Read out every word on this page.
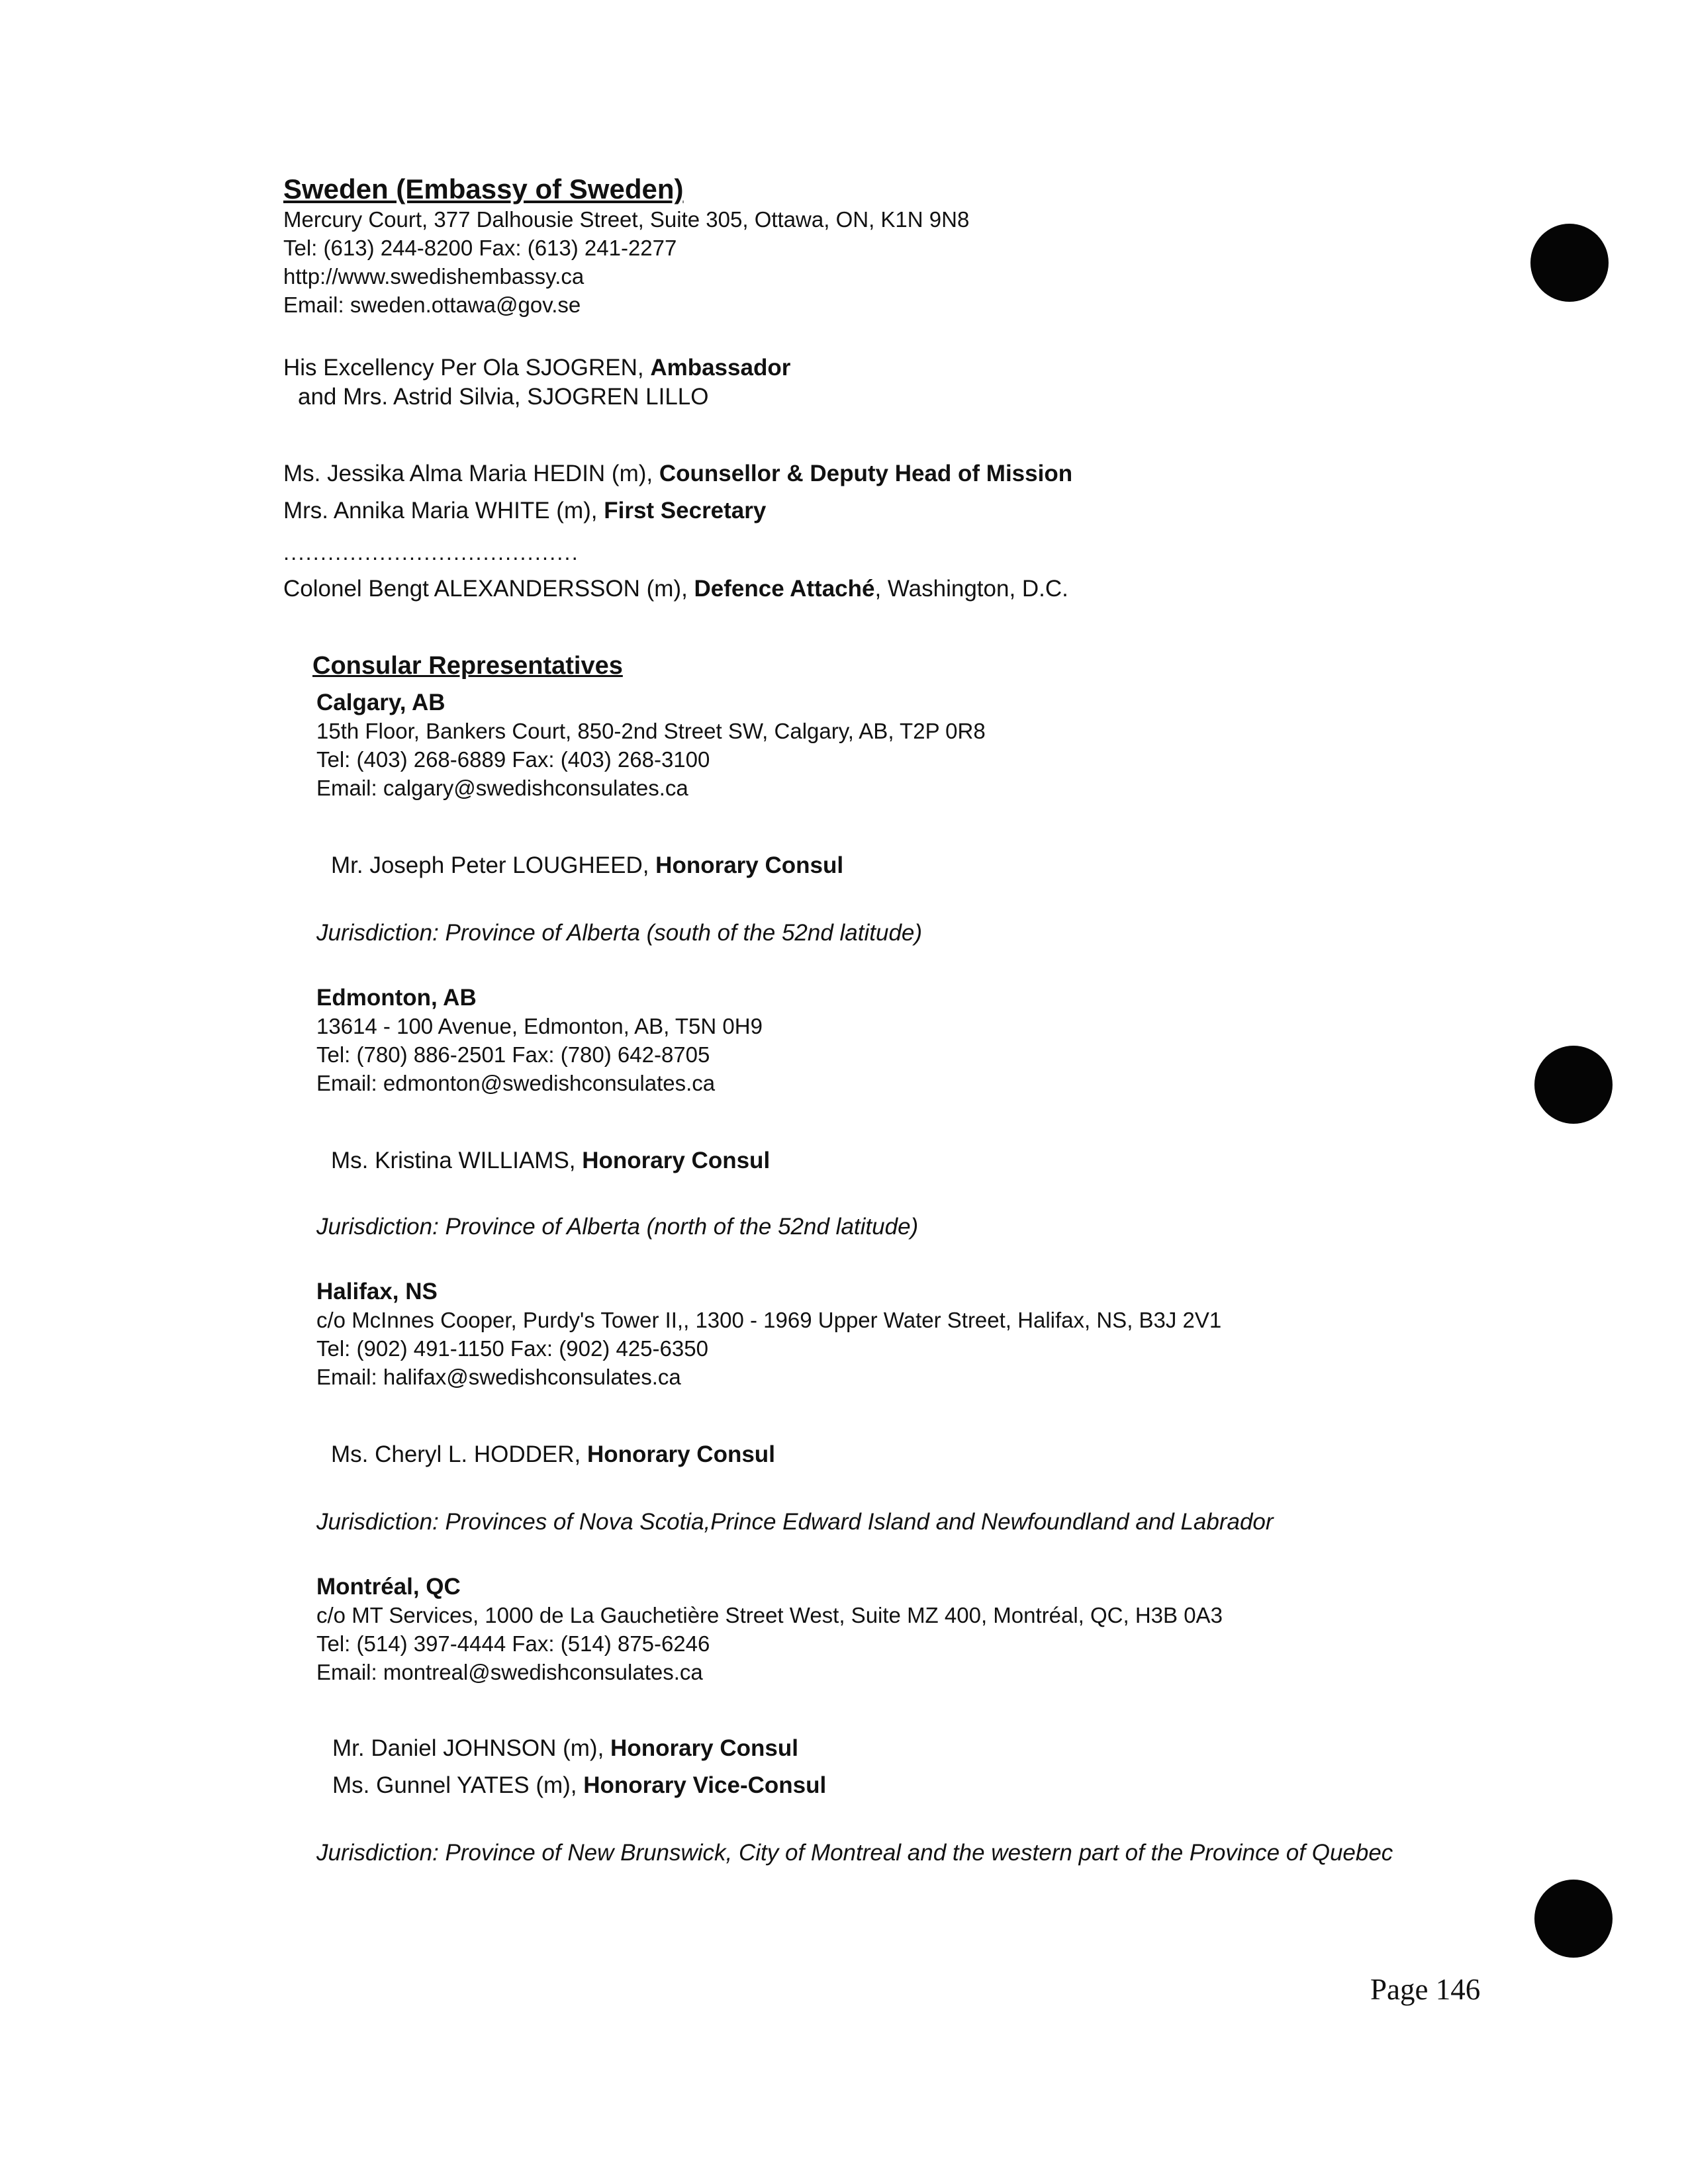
Sweden (Embassy of Sweden)
Mercury Court, 377 Dalhousie Street, Suite 305, Ottawa, ON, K1N 9N8
Tel: (613) 244-8200 Fax: (613) 241-2277
http://www.swedishembassy.ca
Email: sweden.ottawa@gov.se
His Excellency Per Ola SJOGREN, Ambassador
and Mrs. Astrid Silvia, SJOGREN LILLO
Ms. Jessika Alma Maria HEDIN (m), Counsellor & Deputy Head of Mission
Mrs. Annika Maria WHITE (m), First Secretary
........................................
Colonel Bengt ALEXANDERSSON (m), Defence Attaché, Washington, D.C.
Consular Representatives
Calgary, AB
15th Floor, Bankers Court, 850-2nd Street SW, Calgary, AB, T2P 0R8
Tel: (403) 268-6889 Fax: (403) 268-3100
Email: calgary@swedishconsulates.ca
Mr. Joseph Peter LOUGHEED, Honorary Consul
Jurisdiction: Province of Alberta (south of the 52nd latitude)
Edmonton, AB
13614 - 100 Avenue, Edmonton, AB, T5N 0H9
Tel: (780) 886-2501 Fax: (780) 642-8705
Email: edmonton@swedishconsulates.ca
Ms. Kristina WILLIAMS, Honorary Consul
Jurisdiction: Province of Alberta (north of the 52nd latitude)
Halifax, NS
c/o McInnes Cooper, Purdy's Tower II,, 1300 - 1969 Upper Water Street, Halifax, NS, B3J 2V1
Tel: (902) 491-1150 Fax: (902) 425-6350
Email: halifax@swedishconsulates.ca
Ms. Cheryl L. HODDER, Honorary Consul
Jurisdiction: Provinces of Nova Scotia,Prince Edward Island and Newfoundland and Labrador
Montréal, QC
c/o MT Services, 1000 de La Gauchetière Street West, Suite MZ 400, Montréal, QC, H3B 0A3
Tel: (514) 397-4444 Fax: (514) 875-6246
Email: montreal@swedishconsulates.ca
Mr. Daniel JOHNSON (m), Honorary Consul
Ms. Gunnel YATES (m), Honorary Vice-Consul
Jurisdiction: Province of New Brunswick, City of Montreal and the western part of the Province of Quebec
Page 146
